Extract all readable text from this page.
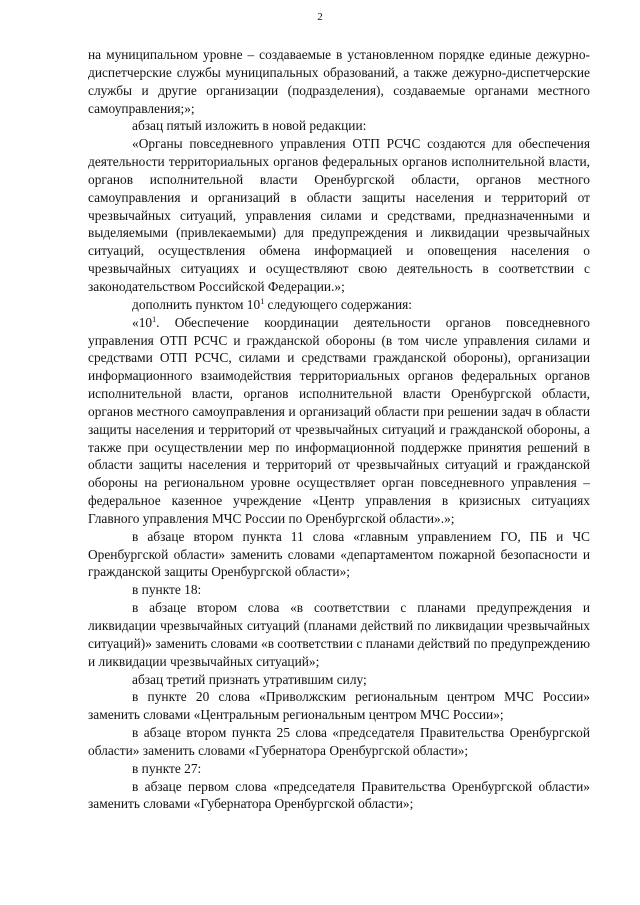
2

на муниципальном уровне – создаваемые в установленном порядке единые дежурно-диспетчерские службы муниципальных образований, а также дежурно-диспетчерские службы и другие организации (подразделения), создаваемые органами местного самоуправления;»;

абзац пятый изложить в новой редакции:

«Органы повседневного управления ОТП РСЧС создаются для обеспечения деятельности территориальных органов федеральных органов исполнительной власти, органов исполнительной власти Оренбургской области, органов местного самоуправления и организаций в области защиты населения и территорий от чрезвычайных ситуаций, управления силами и средствами, предназначенными и выделяемыми (привлекаемыми) для предупреждения и ликвидации чрезвычайных ситуаций, осуществления обмена информацией и оповещения населения о чрезвычайных ситуациях и осуществляют свою деятельность в соответствии с законодательством Российской Федерации.»;

дополнить пунктом $10^1$ следующего содержания:

«$10^1$. Обеспечение координации деятельности органов повседневного управления ОТП РСЧС и гражданской обороны (в том числе управления силами и средствами ОТП РСЧС, силами и средствами гражданской обороны), организации информационного взаимодействия территориальных органов федеральных органов исполнительной власти, органов исполнительной власти Оренбургской области, органов местного самоуправления и организаций области при решении задач в области защиты населения и территорий от чрезвычайных ситуаций и гражданской обороны, а также при осуществлении мер по информационной поддержке принятия решений в области защиты населения и территорий от чрезвычайных ситуаций и гражданской обороны на региональном уровне осуществляет орган повседневного управления – федеральное казенное учреждение «Центр управления в кризисных ситуациях Главного управления МЧС России по Оренбургской области».»;

в абзаце втором пункта 11 слова «главным управлением ГО, ПБ и ЧС Оренбургской области» заменить словами «департаментом пожарной безопасности и гражданской защиты Оренбургской области»;

в пункте 18:

в абзаце втором слова «в соответствии с планами предупреждения и ликвидации чрезвычайных ситуаций (планами действий по ликвидации чрезвычайных ситуаций)» заменить словами «в соответствии с планами действий по предупреждению и ликвидации чрезвычайных ситуаций»;

абзац третий признать утратившим силу;

в пункте 20 слова «Приволжским региональным центром МЧС России» заменить словами «Центральным региональным центром МЧС России»;

в абзаце втором пункта 25 слова «председателя Правительства Оренбургской области» заменить словами «Губернатора Оренбургской области»;

в пункте 27:

в абзаце первом слова «председателя Правительства Оренбургской области» заменить словами «Губернатора Оренбургской области»;
